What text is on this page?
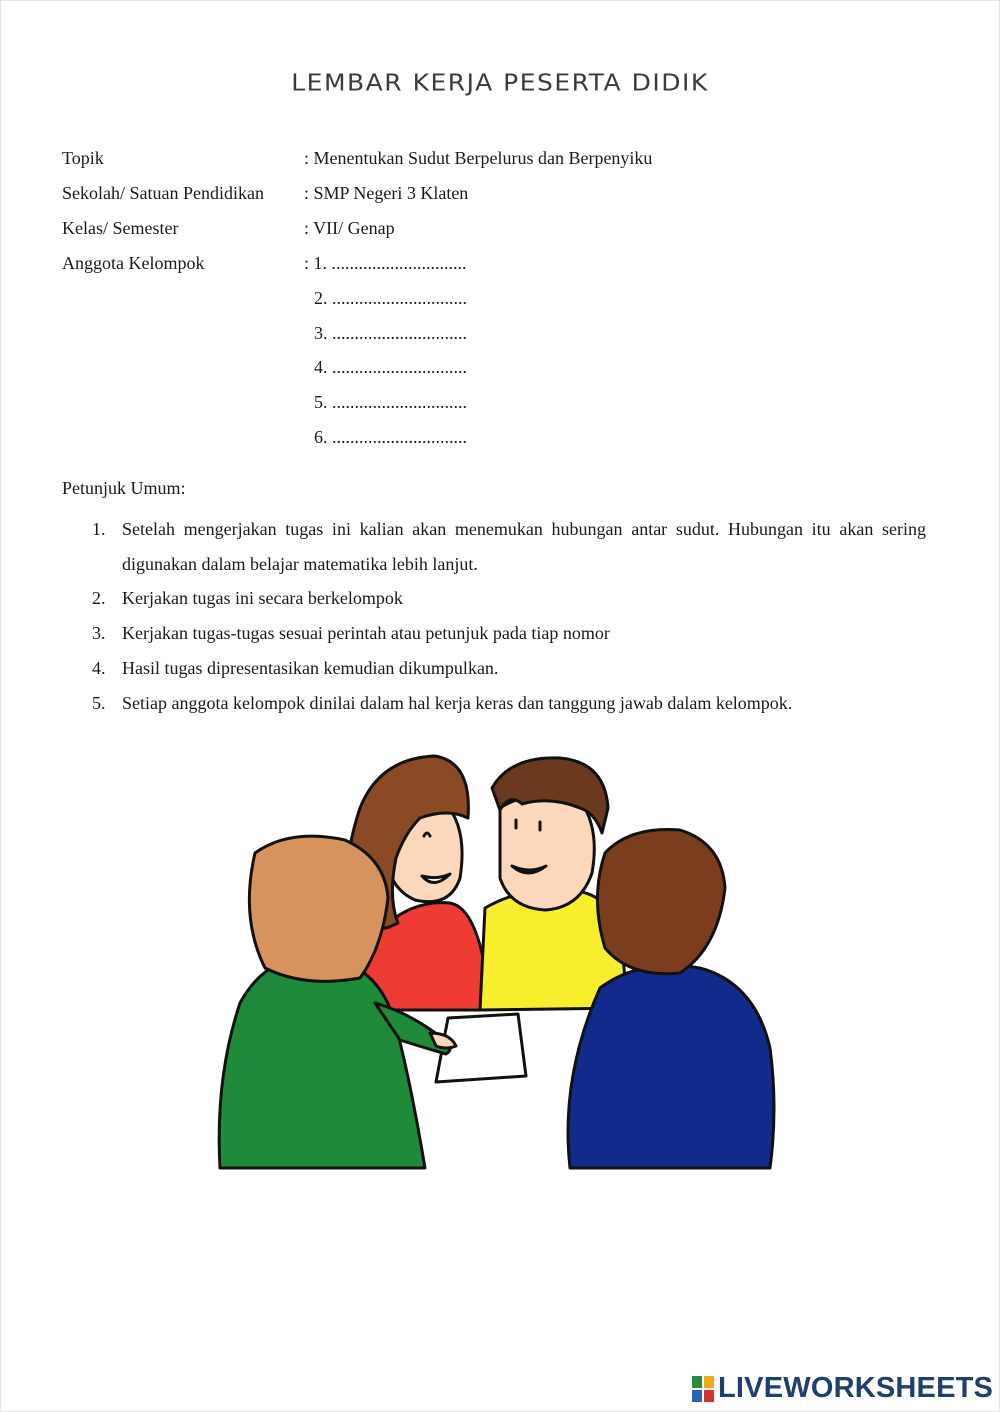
LEMBAR KERJA PESERTA DIDIK
Topik	: Menentukan Sudut Berpelurus dan Berpenyiku
Sekolah/ Satuan Pendidikan	: SMP Negeri 3 Klaten
Kelas/ Semester	: VII/ Genap
Anggota Kelompok	: 1. ..............................
2. ..............................
3. ..............................
4. ..............................
5. ..............................
6. ..............................
Petunjuk Umum:
1. Setelah mengerjakan tugas ini kalian akan menemukan hubungan antar sudut. Hubungan itu akan sering digunakan dalam belajar matematika lebih lanjut.
2. Kerjakan tugas ini secara berkelompok
3. Kerjakan tugas-tugas sesuai perintah atau petunjuk pada tiap nomor
4. Hasil tugas dipresentasikan kemudian dikumpulkan.
5. Setiap anggota kelompok dinilai dalam hal kerja keras dan tanggung jawab dalam kelompok.
LIVEWORKSHEETS
